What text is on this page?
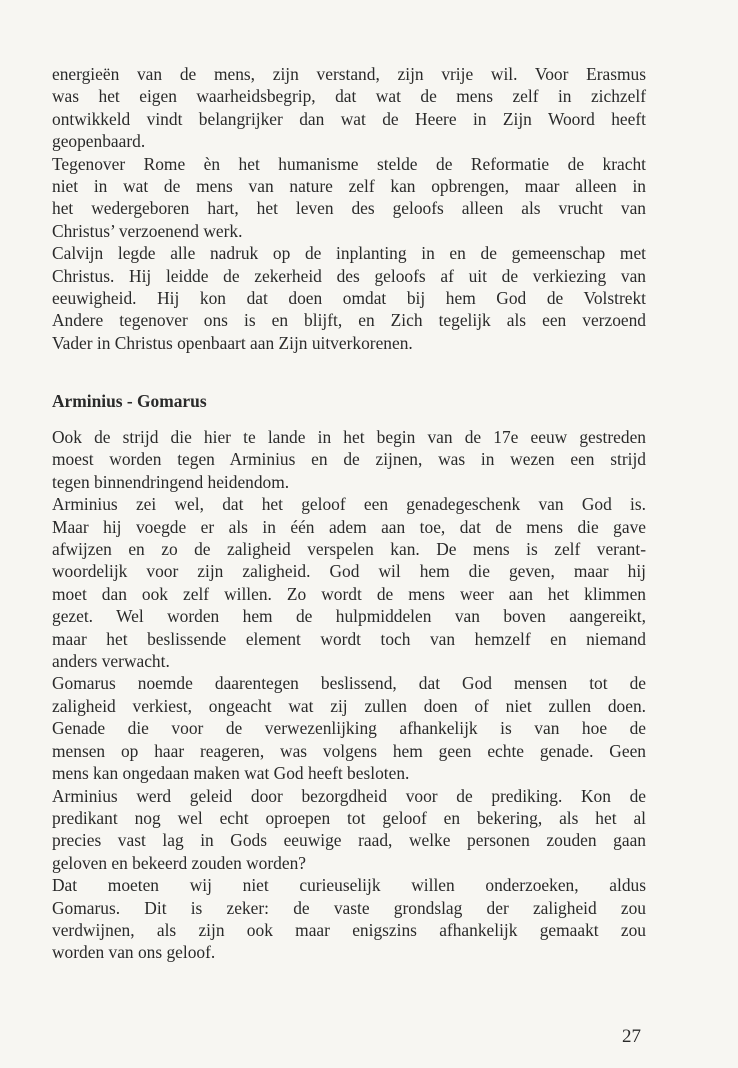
energieën van de mens, zijn verstand, zijn vrije wil. Voor Erasmus
was het eigen waarheidsbegrip, dat wat de mens zelf in zichzelf
ontwikkeld vindt belangrijker dan wat de Heere in Zijn Woord heeft
geopenbaard.
Tegenover Rome èn het humanisme stelde de Reformatie de kracht
niet in wat de mens van nature zelf kan opbrengen, maar alleen in
het wedergeboren hart, het leven des geloofs alleen als vrucht van
Christus’ verzoenend werk.
Calvijn legde alle nadruk op de inplanting in en de gemeenschap met
Christus. Hij leidde de zekerheid des geloofs af uit de verkiezing van
eeuwigheid. Hij kon dat doen omdat bij hem God de Volstrekt
Andere tegenover ons is en blijft, en Zich tegelijk als een verzoend
Vader in Christus openbaart aan Zijn uitverkorenen.
Arminius - Gomarus
Ook de strijd die hier te lande in het begin van de 17e eeuw gestreden
moest worden tegen Arminius en de zijnen, was in wezen een strijd
tegen binnendringend heidendom.
Arminius zei wel, dat het geloof een genadegeschenk van God is.
Maar hij voegde er als in één adem aan toe, dat de mens die gave
afwijzen en zo de zaligheid verspelen kan. De mens is zelf verant-
woordelijk voor zijn zaligheid. God wil hem die geven, maar hij
moet dan ook zelf willen. Zo wordt de mens weer aan het klimmen
gezet. Wel worden hem de hulpmiddelen van boven aangereikt,
maar het beslissende element wordt toch van hemzelf en niemand
anders verwacht.
Gomarus noemde daarentegen beslissend, dat God mensen tot de
zaligheid verkiest, ongeacht wat zij zullen doen of niet zullen doen.
Genade die voor de verwezenlijking afhankelijk is van hoe de
mensen op haar reageren, was volgens hem geen echte genade. Geen
mens kan ongedaan maken wat God heeft besloten.
Arminius werd geleid door bezorgdheid voor de prediking. Kon de
predikant nog wel echt oproepen tot geloof en bekering, als het al
precies vast lag in Gods eeuwige raad, welke personen zouden gaan
geloven en bekeerd zouden worden?
Dat moeten wij niet curieuselijk willen onderzoeken, aldus
Gomarus. Dit is zeker: de vaste grondslag der zaligheid zou
verdwijnen, als zijn ook maar enigszins afhankelijk gemaakt zou
worden van ons geloof.
27
